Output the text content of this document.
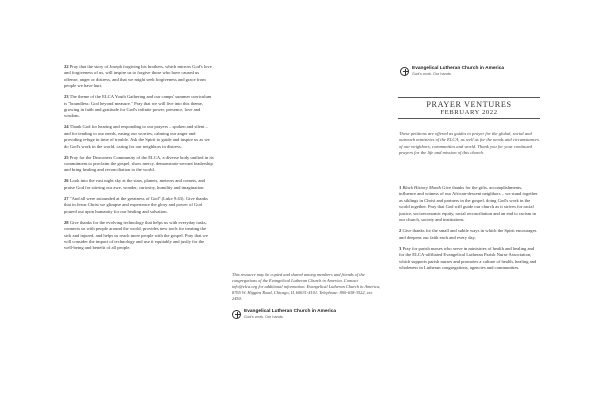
22 Pray that the story of Joseph forgiving his brothers, which mirrors God's love and forgiveness of us, will inspire us to forgive those who have caused us offense, anger or distress, and that we might seek forgiveness and grace from people we have hurt.

23 The theme of the ELCA Youth Gathering and our camps' summer curriculum is "boundless: God beyond measure." Pray that we will live into this theme, growing in faith and gratitude for God's infinite power, presence, love and wisdom.

24 Thank God for hearing and responding to our prayers – spoken and silent – and for tending to our needs, easing our worries, calming our anger and providing refuge in time of trouble. Ask the Spirit to guide and inspire us as we do God's work in the world, caring for our neighbors in distress.

25 Pray for the Deaconess Community of the ELCA, a diverse body unified in its commitment to proclaim the gospel, show mercy, demonstrate servant leadership and bring healing and reconciliation to the world.

26 Look into the vast night sky at the stars, planets, meteors and comets, and praise God for stirring our awe, wonder, curiosity, humility and imagination.

27 "And all were astounded at the greatness of God" (Luke 9:43). Give thanks that in Jesus Christ we glimpse and experience the glory and power of God poured out upon humanity for our healing and salvation.

28 Give thanks for the evolving technology that helps us with everyday tasks, connects us with people around the world, provides new tools for treating the sick and injured, and helps us reach more people with the gospel. Pray that we will consider the impact of technology and use it equitably and justly for the well-being and benefit of all people.

This resource may be copied and shared among members and friends of the congregations of the Evangelical Lutheran Church in America. Contact info@elca.org for additional information. Evangelical Lutheran Church in America, 8765 W. Higgins Road, Chicago, IL 60631-4101. Telephone: 800-638-3522, ext. 2450.

Evangelical Lutheran Church in America
God's work. Our hands.
Evangelical Lutheran Church in America
God's work. Our hands.
PRAYER VENTURES
FEBRUARY 2022

These petitions are offered as guides to prayer for the global, social and outreach ministries of the ELCA, as well as for the needs and circumstances of our neighbors, communities and world. Thank you for your continued prayers for the life and mission of this church.

1 Black History Month Give thanks for the gifts, accomplishments, influence and witness of our African-descent neighbors – we stand together as siblings in Christ and partners in the gospel, doing God's work in the world together. Pray that God will guide our church as it strives for racial justice, socioeconomic equity, racial reconciliation and an end to racism in our church, society and institutions.

2 Give thanks for the small and subtle ways in which the Spirit encourages and deepens our faith each and every day.

3 Pray for parish nurses who serve in ministries of health and healing and for the ELCA-affiliated Evangelical Lutheran Parish Nurse Association, which supports parish nurses and promotes a culture of health, healing and wholeness in Lutheran congregations, agencies and communities.
